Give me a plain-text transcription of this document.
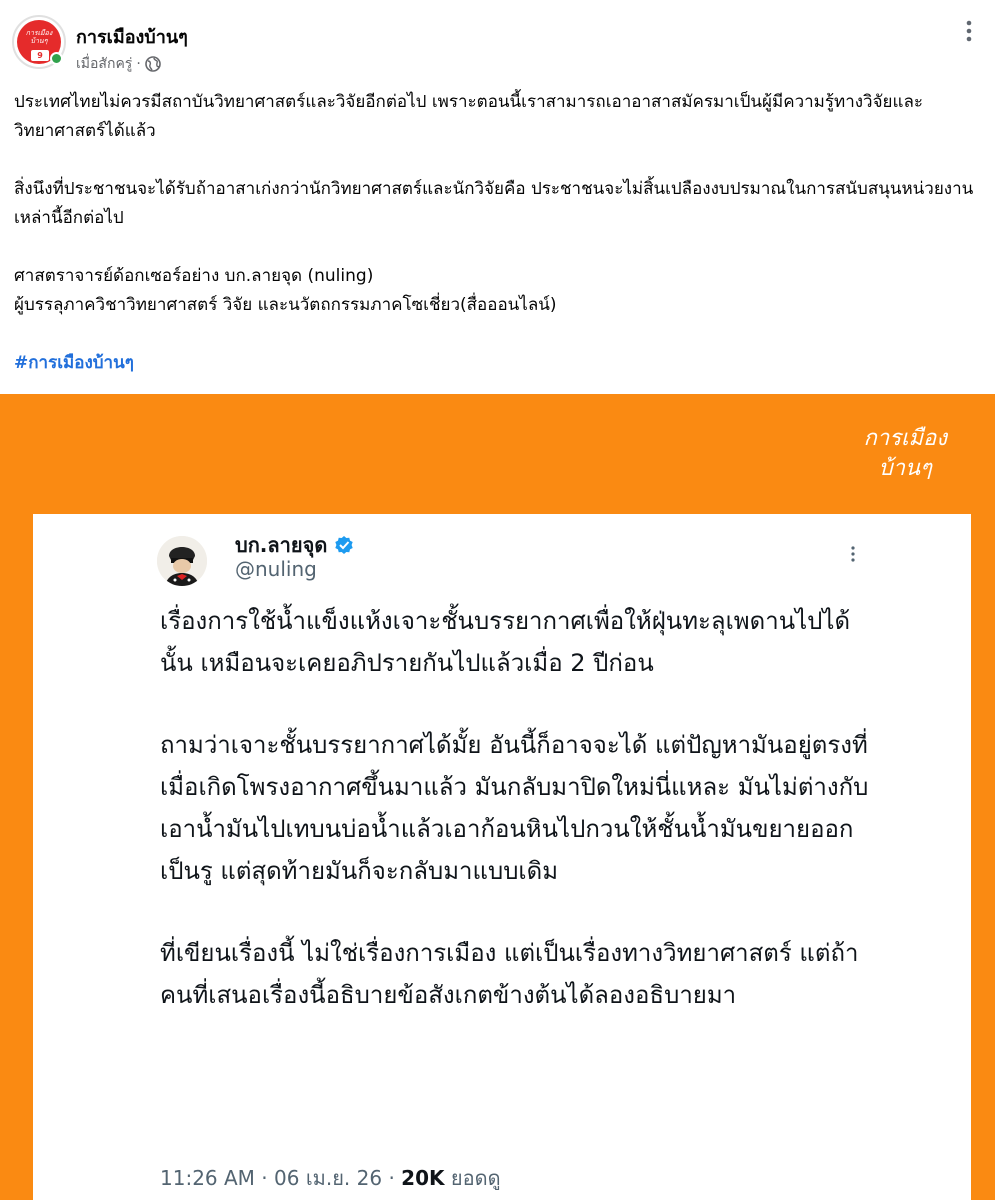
การเมือง บ้านๆ
9
การเมืองบ้านๆ
เมื่อสักครู่ ·

ประเทศไทยไม่ควรมีสถาบันวิทยาศาสตร์และวิจัยอีกต่อไป เพราะตอนนี้เราสามารถเอาอาสาสมัครมาเป็นผู้มีความรู้ทางวิจัยและวิทยาศาสตร์ได้แล้ว

สิ่งนึงที่ประชาชนจะได้รับถ้าอาสาเก่งกว่านักวิทยาศาสตร์และนักวิจัยคือ ประชาชนจะไม่สิ้นเปลืองงบปรมาณในการสนับสนุนหน่วยงานเหล่านี้อีกต่อไป

ศาสตราจารย์ด้อกเซอร์อย่าง บก.ลายจุด (nuling)

ผู้บรรลุภาควิชาวิทยาศาสตร์ วิจัย และนวัตถกรรมภาคโซเชี่ยว(สื่อออนไลน์)

#การเมืองบ้านๆ

การเมือง
บ้านๆ
บก.ลายจุด
@nuling

เรื่องการใช้น้ำแข็งแห้งเจาะชั้นบรรยากาศเพื่อให้ฝุ่นทะลุเพดานไปได้นั้น เหมือนจะเคยอภิปรายกันไปแล้วเมื่อ 2 ปีก่อน

ถามว่าเจาะชั้นบรรยากาศได้มั้ย อันนี้ก็อาจจะได้ แต่ปัญหามันอยู่ตรงที่เมื่อเกิดโพรงอากาศขึ้นมาแล้ว มันกลับมาปิดใหม่นี่แหละ มันไม่ต่างกับเอาน้ำมันไปเทบนบ่อน้ำแล้วเอาก้อนหินไปกวนให้ชั้นน้ำมันขยายออกเป็นรู แต่สุดท้ายมันก็จะกลับมาแบบเดิม

ที่เขียนเรื่องนี้ ไม่ใช่เรื่องการเมือง แต่เป็นเรื่องทางวิทยาศาสตร์ แต่ถ้าคนที่เสนอเรื่องนี้อธิบายข้อสังเกตข้างต้นได้ลองอธิบายมา

11:26 AM · 06 เม.ย. 26 · 20K ยอดดู
